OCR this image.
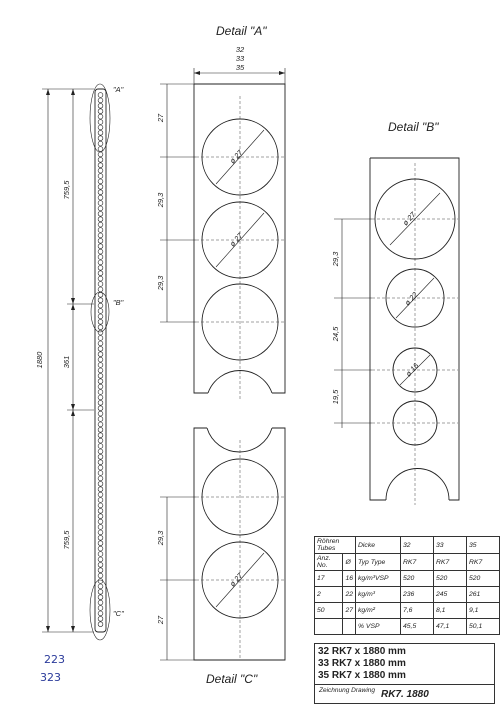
Detail "A"
Detail "B"
Detail "C"
"A"
"B"
"C"
1880
759,5
361
759,5
223
323
32
33
35
ø 27
ø 27
27
29,3
29,3
ø 27
ø 22
ø 16
29,3
24,5
19,5
ø 27
29,3
27
Röhren Tubes		Dicke	32	33	35
Anz. No.	Ø	Typ Type	RK7	RK7	RK7
17	16	kg/m³VSP	520	520	520
2	22	kg/m³	236	245	261
50	27	kg/m²	7,6	8,1	9,1
		% VSP	45,5	47,1	50,1
32 RK7 x 1880 mm
33 RK7 x 1880 mm
35 RK7 x 1880 mm
Zeichnung Drawing RK7. 1880
